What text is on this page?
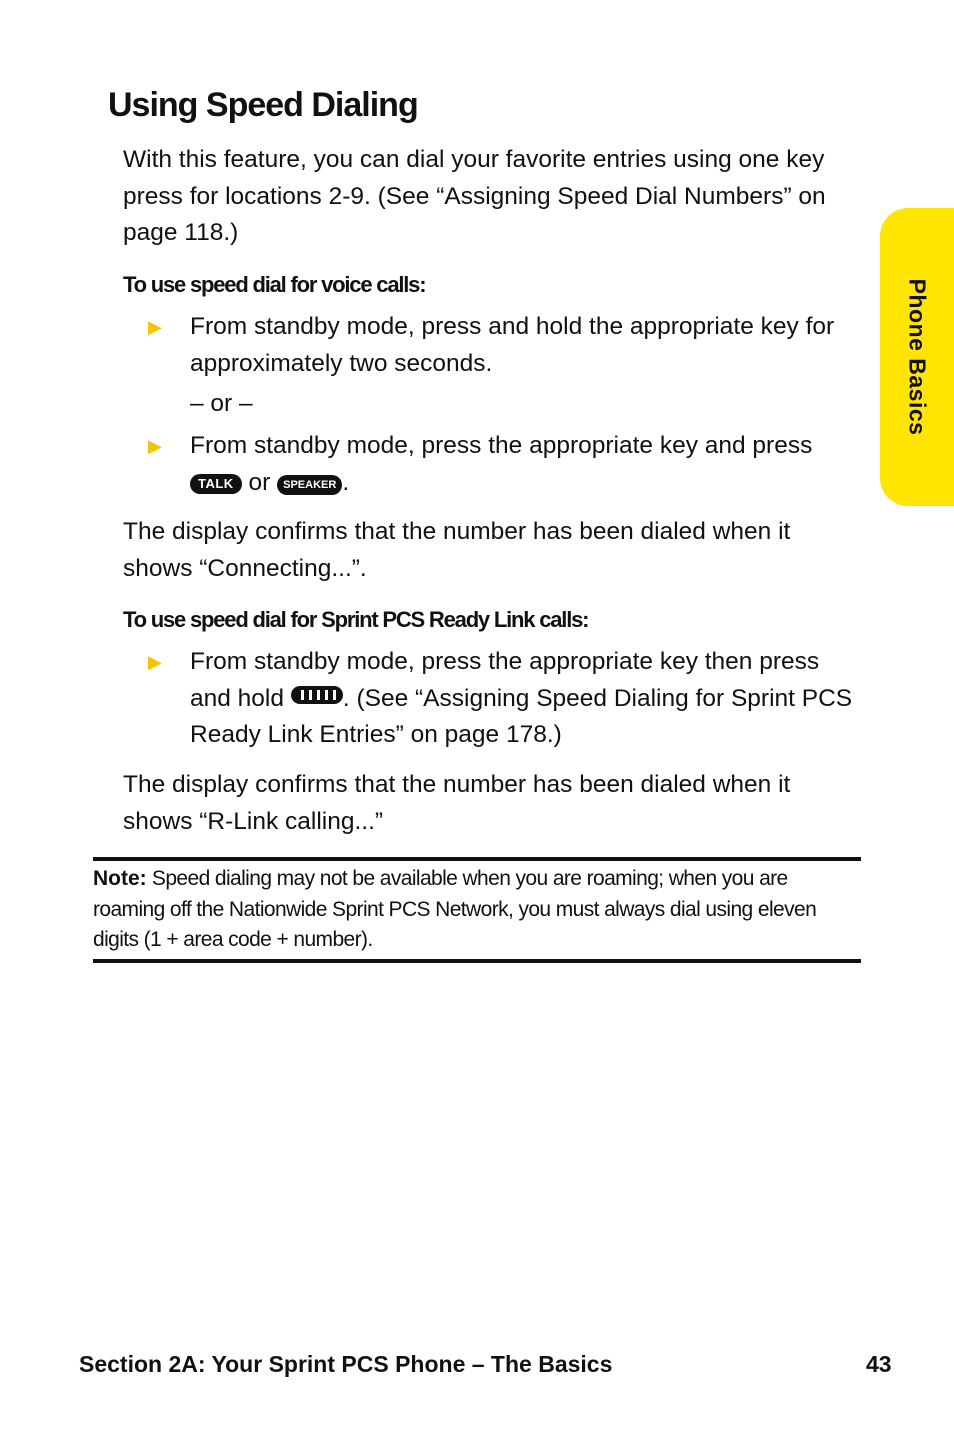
Using Speed Dialing

With this feature, you can dial your favorite entries using one key press for locations 2-9. (See “Assigning Speed Dial Numbers” on page 118.)

To use speed dial for voice calls:

▶ From standby mode, press and hold the appropriate key for approximately two seconds.
– or –
▶ From standby mode, press the appropriate key and press TALK or SPEAKER .

The display confirms that the number has been dialed when it shows “Connecting...”.

To use speed dial for Sprint PCS Ready Link calls:

▶ From standby mode, press the appropriate key then press and hold . (See “Assigning Speed Dialing for Sprint PCS Ready Link Entries” on page 178.)

The display confirms that the number has been dialed when it shows “R-Link calling...”

Note: Speed dialing may not be available when you are roaming; when you are roaming off the Nationwide Sprint PCS Network, you must always dial using eleven digits (1 + area code + number).

Phone Basics
Section 2A: Your Sprint PCS Phone – The Basics	43
